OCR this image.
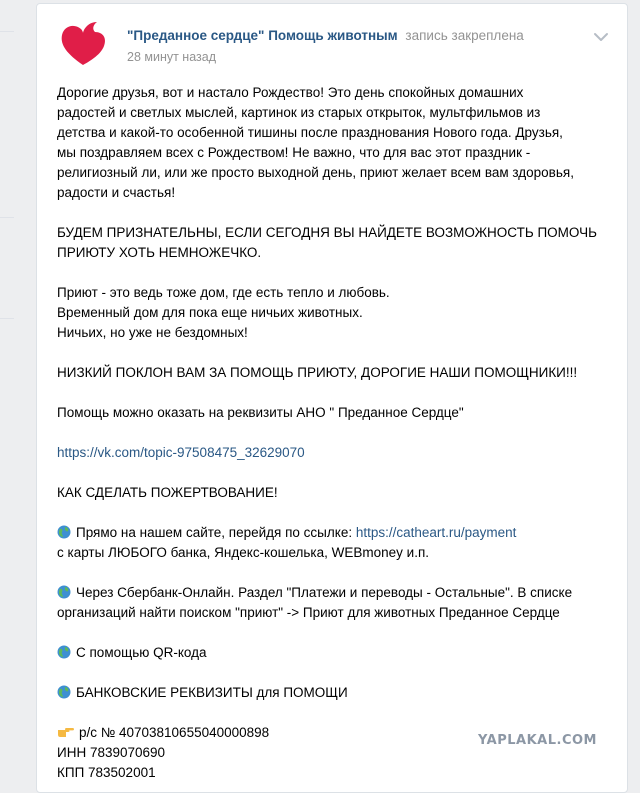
"Преданное сердце" Помощь животным запись закреплена
28 минут назад

Дорогие друзья, вот и настало Рождество! Это день спокойных домашних

радостей и светлых мыслей, картинок из старых открыток, мультфильмов из

детства и какой-то особенной тишины после празднования Нового года. Друзья,

мы поздравляем всех с Рождеством! Не важно, что для вас этот праздник -

религиозный ли, или же просто выходной день, приют желает всем вам здоровья,

радости и счастья!

БУДЕМ ПРИЗНАТЕЛЬНЫ, ЕСЛИ СЕГОДНЯ ВЫ НАЙДЕТЕ ВОЗМОЖНОСТЬ ПОМОЧЬ

ПРИЮТУ ХОТЬ НЕМНОЖЕЧКО.

Приют - это ведь тоже дом, где есть тепло и любовь.

Временный дом для пока еще ничьих животных.

Ничьих, но уже не бездомных!

НИЗКИЙ ПОКЛОН ВАМ ЗА ПОМОЩЬ ПРИЮТУ, ДОРОГИЕ НАШИ ПОМОЩНИКИ!!!

Помощь можно оказать на реквизиты АНО " Преданное Сердце"

https://vk.com/topic-97508475_32629070

КАК СДЕЛАТЬ ПОЖЕРТВОВАНИЕ!

Прямо на нашем сайте, перейдя по ссылке: https://catheart.ru/payment

с карты ЛЮБОГО банка, Яндекс-кошелька, WEBmoney и.п.

Через Сбербанк-Онлайн. Раздел "Платежи и переводы - Остальные". В списке

организаций найти поиском "приют" -> Приют для животных Преданное Сердце

С помощью QR-кода

БАНКОВСКИЕ РЕКВИЗИТЫ для ПОМОЩИ

р/с № 40703810655040000898

ИНН 7839070690

КПП 783502001

YAPLAKAL.COM
